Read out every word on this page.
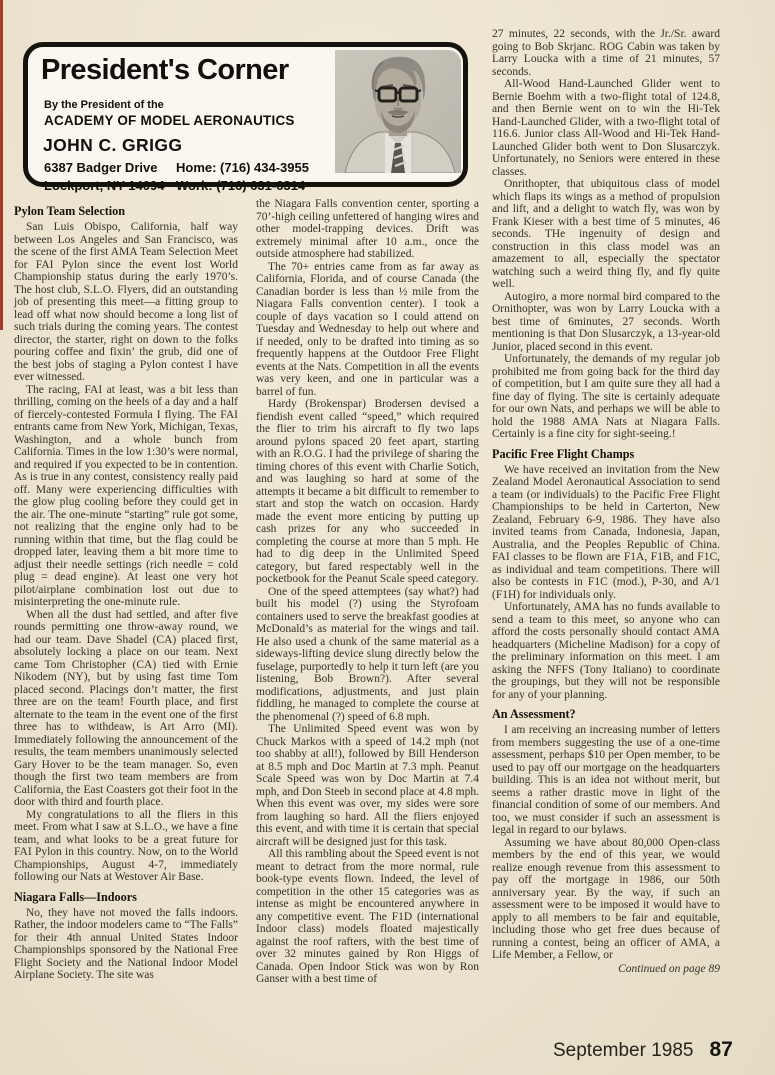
President's Corner
By the President of the
ACADEMY OF MODEL AERONAUTICS
JOHN C. GRIGG
6387 Badger Drive
Lockport, NY 14094
Home: (716) 434-3955
Work: (716) 631-6314
Pylon Team Selection

San Luis Obispo, California, half way between Los Angeles and San Francisco, was the scene of the first AMA Team Selection Meet for FAI Pylon since the event lost World Championship status during the early 1970’s. The host club, S.L.O. Flyers, did an outstanding job of presenting this meet—a fitting group to lead off what now should become a long list of such trials during the coming years. The contest director, the starter, right on down to the folks pouring coffee and fixin’ the grub, did one of the best jobs of staging a Pylon contest I have ever witnessed.

The racing, FAI at least, was a bit less than thrilling, coming on the heels of a day and a half of fiercely-contested Formula I flying. The FAI entrants came from New York, Michigan, Texas, Washington, and a whole bunch from California. Times in the low 1:30’s were normal, and required if you expected to be in contention. As is true in any contest, consistency really paid off. Many were experiencing difficulties with the glow plug cooling before they could get in the air. The one-minute “starting” rule got some, not realizing that the engine only had to be running within that time, but the flag could be dropped later, leaving them a bit more time to adjust their needle settings (rich needle = cold plug = dead engine). At least one very hot pilot/airplane combination lost out due to misinterpreting the one-minute rule.

When all the dust had settled, and after five rounds permitting one throw-away round, we had our team. Dave Shadel (CA) placed first, absolutely locking a place on our team. Next came Tom Christopher (CA) tied with Ernie Nikodem (NY), but by using fast time Tom placed second. Placings don’t matter, the first three are on the team! Fourth place, and first alternate to the team in the event one of the first three has to withdeaw, is Art Arro (MI). Immediately following the announcement of the results, the team members unanimously selected Gary Hover to be the team manager. So, even though the first two team members are from California, the East Coasters got their foot in the door with third and fourth place.

My congratulations to all the fliers in this meet. From what I saw at S.L.O., we have a fine team, and what looks to be a great future for FAI Pylon in this country. Now, on to the World Championships, August 4-7, immediately following our Nats at Westover Air Base.

Niagara Falls—Indoors

No, they have not moved the falls indoors. Rather, the indoor modelers came to “The Falls” for their 4th annual United States Indoor Championships sponsored by the National Free Flight Society and the National Indoor Model Airplane Society. The site was

the Niagara Falls convention center, sporting a 70’-high ceiling unfettered of hanging wires and other model-trapping devices. Drift was extremely minimal after 10 a.m., once the outside atmosphere had stabilized.

The 70+ entries came from as far away as California, Florida, and of course Canada (the Canadian border is less than ½ mile from the Niagara Falls convention center). I took a couple of days vacation so I could attend on Tuesday and Wednesday to help out where and if needed, only to be drafted into timing as so frequently happens at the Outdoor Free Flight events at the Nats. Competition in all the events was very keen, and one in particular was a barrel of fun.

Hardy (Brokenspar) Brodersen devised a fiendish event called “speed,” which required the flier to trim his aircraft to fly two laps around pylons spaced 20 feet apart, starting with an R.O.G. I had the privilege of sharing the timing chores of this event with Charlie Sotich, and was laughing so hard at some of the attempts it became a bit difficult to remember to start and stop the watch on occasion. Hardy made the event more enticing by putting up cash prizes for any who succeeded in completing the course at more than 5 mph. He had to dig deep in the Unlimited Speed category, but fared respectably well in the pocketbook for the Peanut Scale speed category.

One of the speed attemptees (say what?) had built his model (?) using the Styrofoam containers used to serve the breakfast goodies at McDonald’s as material for the wings and tail. He also used a chunk of the same material as a sideways-lifting device slung directly below the fuselage, purportedly to help it turn left (are you listening, Bob Brown?). After several modifications, adjustments, and just plain fiddling, he managed to complete the course at the phenomenal (?) speed of 6.8 mph.

The Unlimited Speed event was won by Chuck Markos with a speed of 14.2 mph (not too shabby at all!), followed by Bill Henderson at 8.5 mph and Doc Martin at 7.3 mph. Peanut Scale Speed was won by Doc Martin at 7.4 mph, and Don Steeb in second place at 4.8 mph. When this event was over, my sides were sore from laughing so hard. All the fliers enjoyed this event, and with time it is certain that special aircraft will be designed just for this task.

All this rambling about the Speed event is not meant to detract from the more normal, rule book-type events flown. Indeed, the level of competition in the other 15 categories was as intense as might be encountered anywhere in any competitive event. The F1D (international Indoor class) models floated majestically against the roof rafters, with the best time of over 32 minutes gained by Ron Higgs of Canada. Open Indoor Stick was won by Ron Ganser with a best time of

27 minutes, 22 seconds, with the Jr./Sr. award going to Bob Skrjanc. ROG Cabin was taken by Larry Loucka with a time of 21 minutes, 57 seconds.

All-Wood Hand-Launched Glider went to Bernie Boehm with a two-flight total of 124.8, and then Bernie went on to win the Hi-Tek Hand-Launched Glider, with a two-flight total of 116.6. Junior class All-Wood and Hi-Tek Hand-Launched Glider both went to Don Slusarczyk. Unfortunately, no Seniors were entered in these classes.

Onrithopter, that ubiquitous class of model which flaps its wings as a method of propulsion and lift, and a delight to watch fly, was won by Frank Kieser with a best time of 5 minutes, 46 seconds. THe ingenuity of design and construction in this class model was an amazement to all, especially the spectator watching such a weird thing fly, and fly quite well.

Autogiro, a more normal bird compared to the Ornithopter, was won by Larry Loucka with a best time of 6minutes, 27 seconds. Worth mentioning is that Don Slusarczyk, a 13-year-old Junior, placed second in this event.

Unfortunately, the demands of my regular job prohibited me from going back for the third day of competition, but I am quite sure they all had a fine day of flying. The site is certainly adequate for our own Nats, and perhaps we will be able to hold the 1988 AMA Nats at Niagara Falls. Certainly is a fine city for sight-seeing.!

Pacific Free Flight Champs

We have received an invitation from the New Zealand Model Aeronautical Association to send a team (or individuals) to the Pacific Free Flight Championships to be held in Carterton, New Zealand, February 6-9, 1986. They have also invited teams from Canada, Indonesia, Japan, Australia, and the Peoples Republic of China. FAI classes to be flown are F1A, F1B, and F1C, as individual and team competitions. There will also be contests in F1C (mod.), P-30, and A/1 (F1H) for individuals only.

Unfortunately, AMA has no funds available to send a team to this meet, so anyone who can afford the costs personally should contact AMA headquarters (Micheline Madison) for a copy of the preliminary information on this meet. I am asking the NFFS (Tony Italiano) to coordinate the groupings, but they will not be responsible for any of your planning.

An Assessment?

I am receiving an increasing number of letters from members suggesting the use of a one-time assessment, perhaps $10 per Open member, to be used to pay off our mortgage on the headquarters building. This is an idea not without merit, but seems a rather drastic move in light of the financial condition of some of our members. And too, we must consider if such an assessment is legal in regard to our bylaws.

Assuming we have about 80,000 Open-class members by the end of this year, we would realize enough revenue from this assessment to pay off the mortgage in 1986, our 50th anniversary year. By the way, if such an assessment were to be imposed it would have to apply to all members to be fair and equitable, including those who get free dues because of running a contest, being an officer of AMA, a Life Member, a Fellow, or

Continued on page 89
September 1985 87
